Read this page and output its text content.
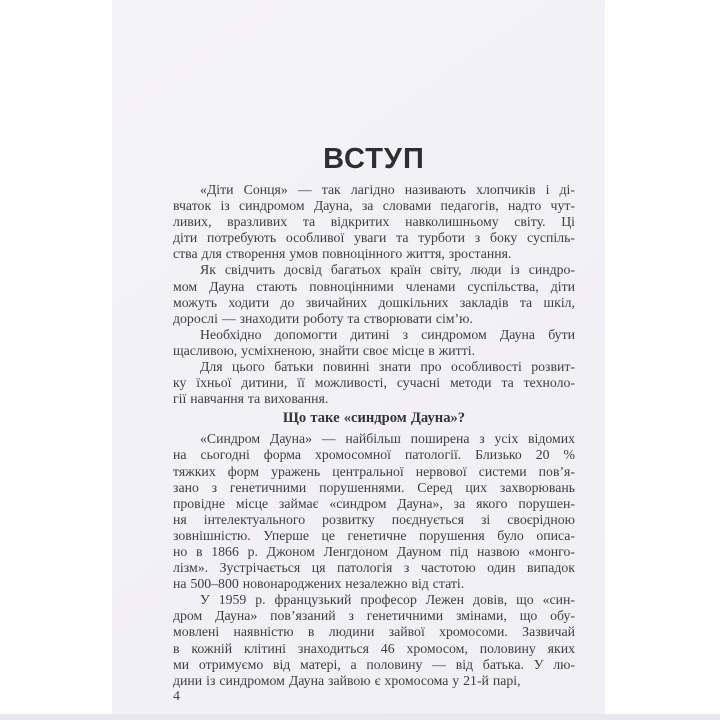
ВСТУП

«Діти Сонця» — так лагідно називають хлопчиків і ді-
вчаток із синдромом Дауна, за словами педагогів, надто чут-
ливих, вразливих та відкритих навколишньому світу. Ці
діти потребують особливої уваги та турботи з боку суспіль-
ства для створення умов повноцінного життя, зростання.

Як свідчить досвід багатьох країн світу, люди із синдро-
мом Дауна стають повноцінними членами суспільства, діти
можуть ходити до звичайних дошкільних закладів та шкіл,
дорослі — знаходити роботу та створювати сім’ю.

Необхідно допомогти дитині з синдромом Дауна бути
щасливою, усміхненою, знайти своє місце в житті.

Для цього батьки повинні знати про особливості розвит-
ку їхньої дитини, її можливості, сучасні методи та техноло-
гії навчання та виховання.

Що таке «синдром Дауна»?

«Синдром Дауна» — найбільш поширена з усіх відомих
на сьогодні форма хромосомної патології. Близько 20 %
тяжких форм уражень центральної нервової системи пов’я-
зано з генетичними порушеннями. Серед цих захворювань
провідне місце займає «синдром Дауна», за якого порушен-
ня інтелектуального розвитку поєднується зі своєрідною
зовнішністю. Уперше це генетичне порушення було описа-
но в 1866 р. Джоном Ленгдоном Дауном під назвою «монго-
лізм». Зустрічається ця патологія з частотою один випадок
на 500–800 новонароджених незалежно від статі.

У 1959 р. французький професор Лежен довів, що «син-
дром Дауна» пов’язаний з генетичними змінами, що обу-
мовлені наявністю в людини зайвої хромосоми. Зазвичай
в кожній клітині знаходиться 46 хромосом, половину яких
ми отримуємо від матері, а половину — від батька. У лю-
дини із синдромом Дауна зайвою є хромосома у 21-й парі,

4
